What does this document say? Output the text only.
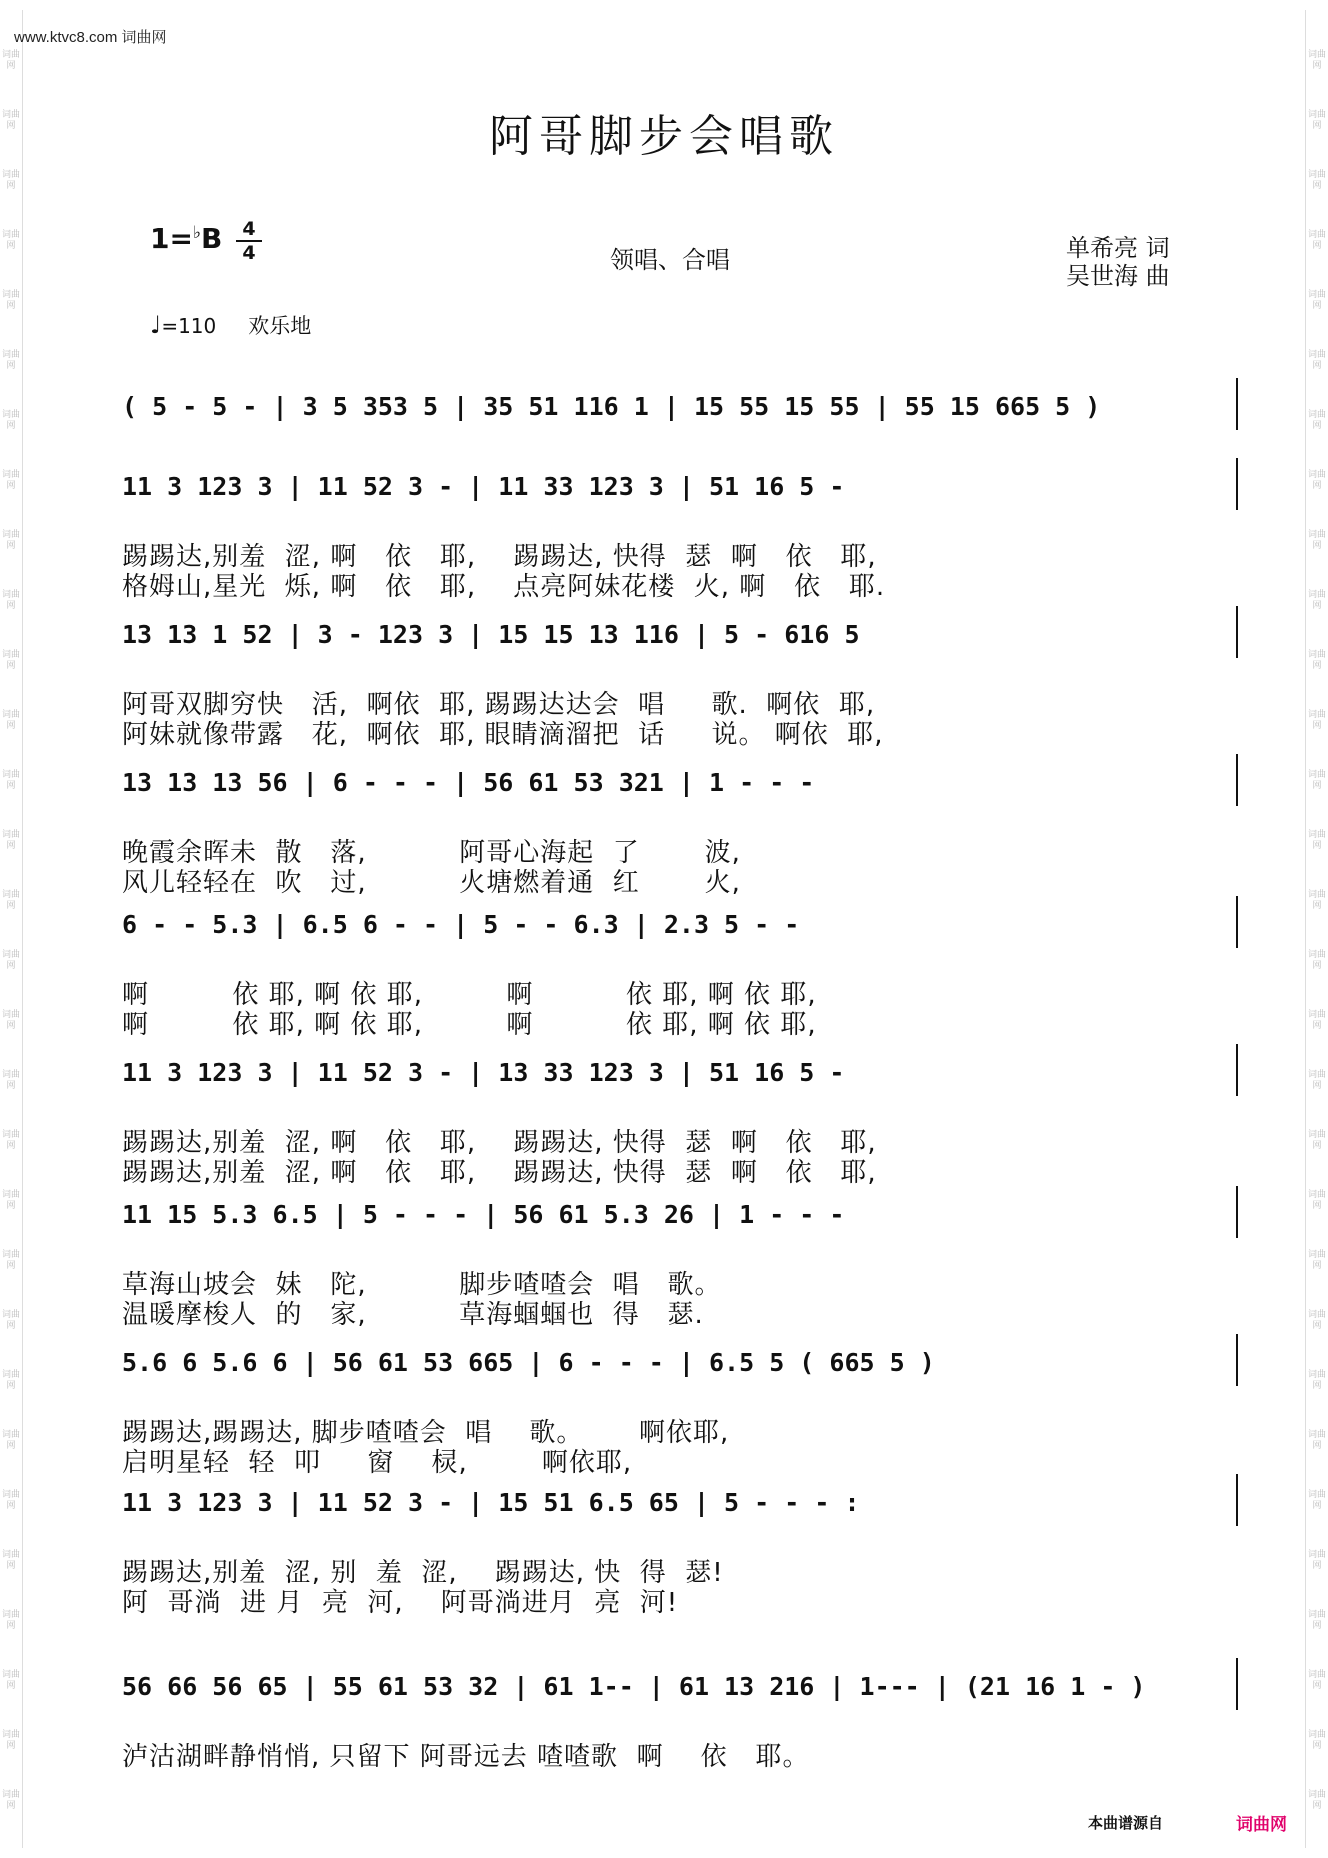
词曲网
词曲网
词曲网
词曲网
词曲网
词曲网
词曲网
词曲网
词曲网
词曲网
词曲网
词曲网
词曲网
词曲网
词曲网
词曲网
词曲网
词曲网
词曲网
词曲网
词曲网
词曲网
词曲网
词曲网
词曲网
词曲网
词曲网
词曲网
词曲网
词曲网
词曲网
词曲网
词曲网
词曲网
词曲网
词曲网
词曲网
词曲网
词曲网
词曲网
词曲网
词曲网
词曲网
词曲网
词曲网
词曲网
词曲网
词曲网
词曲网
词曲网
词曲网
词曲网
词曲网
词曲网
词曲网
词曲网
词曲网
词曲网
词曲网
词曲网
www.ktvc8.com 词曲网
阿哥脚步会唱歌
1=♭B	4
4	领唱、合唱	单希亮 词
吴世海 曲
♩=110 欢乐地
( 5 - 5 - | 3 5 353 5 | 35 51 116 1 | 15 55 15 55 | 55 15 665 5 )
11 3 123 3 | 11 52 3 - | 11 33 123 3 | 51 16 5 -
踢踢达,别羞  涩, 啊   依   耶,    踢踢达, 快得  瑟  啊   依   耶,
格姆山,星光  烁, 啊   依   耶,    点亮阿妹花楼  火, 啊   依   耶.
13 13 1 52 | 3 - 123 3 | 15 15 13 116 | 5 - 616 5
阿哥双脚穷快   活,  啊依  耶, 踢踢达达会  唱     歌.  啊依  耶,
阿妹就像带露   花,  啊依  耶, 眼睛滴溜把  话     说。 啊依  耶,
13 13 13 56 | 6 - - - | 56 61 53 321 | 1 - - -
晚霞余晖未  散   落,          阿哥心海起  了       波,
风儿轻轻在  吹   过,          火塘燃着通  红       火,
6 - - 5.3 | 6.5 6 - - | 5 - - 6.3 | 2.3 5 - -
啊         依 耶, 啊 依 耶,         啊          依 耶, 啊 依 耶,
啊         依 耶, 啊 依 耶,         啊          依 耶, 啊 依 耶,
11 3 123 3 | 11 52 3 - | 13 33 123 3 | 51 16 5 -
踢踢达,别羞  涩, 啊   依   耶,    踢踢达, 快得  瑟  啊   依   耶,
踢踢达,别羞  涩, 啊   依   耶,    踢踢达, 快得  瑟  啊   依   耶,
11 15 5.3 6.5 | 5 - - - | 56 61 5.3 26 | 1 - - -
草海山坡会  妹   陀,          脚步喳喳会  唱   歌。
温暖摩梭人  的   家,          草海蝈蝈也  得   瑟.
5.6 6 5.6 6 | 56 61 53 665 | 6 - - - | 6.5 5 ( 665 5 )
踢踢达,踢踢达, 脚步喳喳会  唱    歌。      啊依耶,
启明星轻  轻  叩     窗    棂,        啊依耶,
11 3 123 3 | 11 52 3 - | 15 51 6.5 65 | 5 - - - :
踢踢达,别羞  涩, 别  羞  涩,    踢踢达, 快  得  瑟!
阿  哥淌  进 月  亮  河,    阿哥淌进月  亮  河!
56 66 56 65 | 55 61 53 32 | 61 1-- | 61 13 216 | 1--- | (21 16 1 - )
泸沽湖畔静悄悄, 只留下 阿哥远去 喳喳歌  啊    依   耶。
本曲谱源自	词曲网
